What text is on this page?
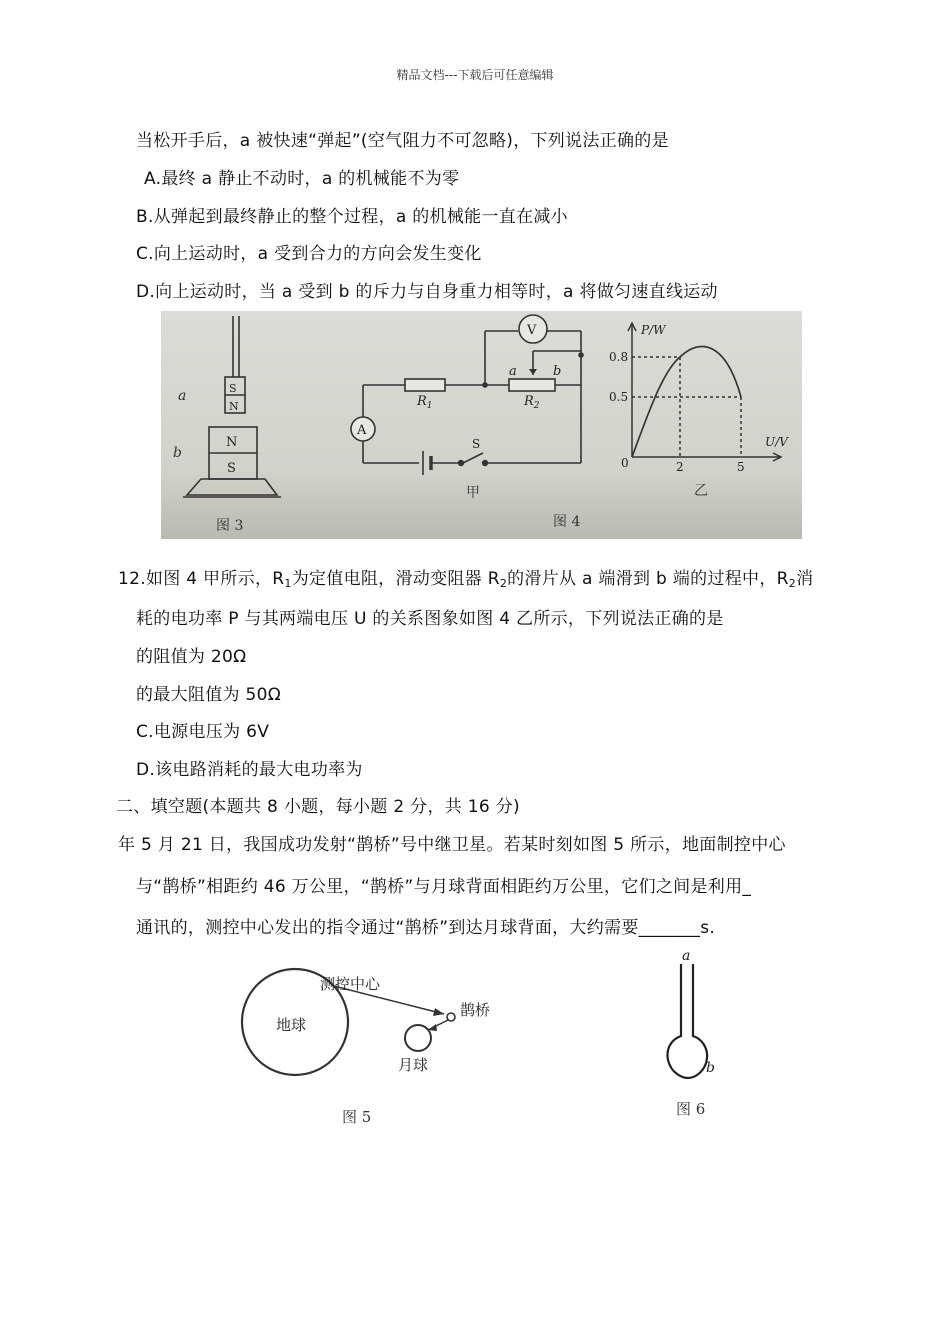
精品文档---下载后可任意编辑
当松开手后，a 被快速“弹起”(空气阻力不可忽略)，下列说法正确的是
A.最终 a 静止不动时，a 的机械能不为零
B.从弹起到最终静止的整个过程，a 的机械能一直在减小
C.向上运动时，a 受到合力的方向会发生变化
D.向上运动时，当 a 受到 b 的斥力与自身重力相等时，a 将做匀速直线运动
S
N
N
S
a
b
图 3
V
A
$R_1$	$R_2$
a	b
S
甲
图 4
P/W
U/V
0.8
0.5
0	2	5
乙
12.如图 4 甲所示，$R_1$为定值电阻，滑动变阻器 $R_2$的滑片从 a 端滑到 b 端的过程中，$R_2$消
耗的电功率 P 与其两端电压 U 的关系图象如图 4 乙所示，下列说法正确的是
的阻值为 20Ω
的最大阻值为 50Ω
C.电源电压为 6V
D.该电路消耗的最大电功率为
二、填空题(本题共 8 小题，每小题 2 分，共 16 分)
年 5 月 21 日，我国成功发射“鹊桥”号中继卫星。若某时刻如图 5 所示，地面制控中心
与“鹊桥”相距约 46 万公里，“鹊桥”与月球背面相距约万公里，它们之间是利用_
通讯的，测控中心发出的指令通过“鹊桥”到达月球背面，大约需要_______s.
地球
测控中心
鹊桥
月球
图 5
a
b
图 6
